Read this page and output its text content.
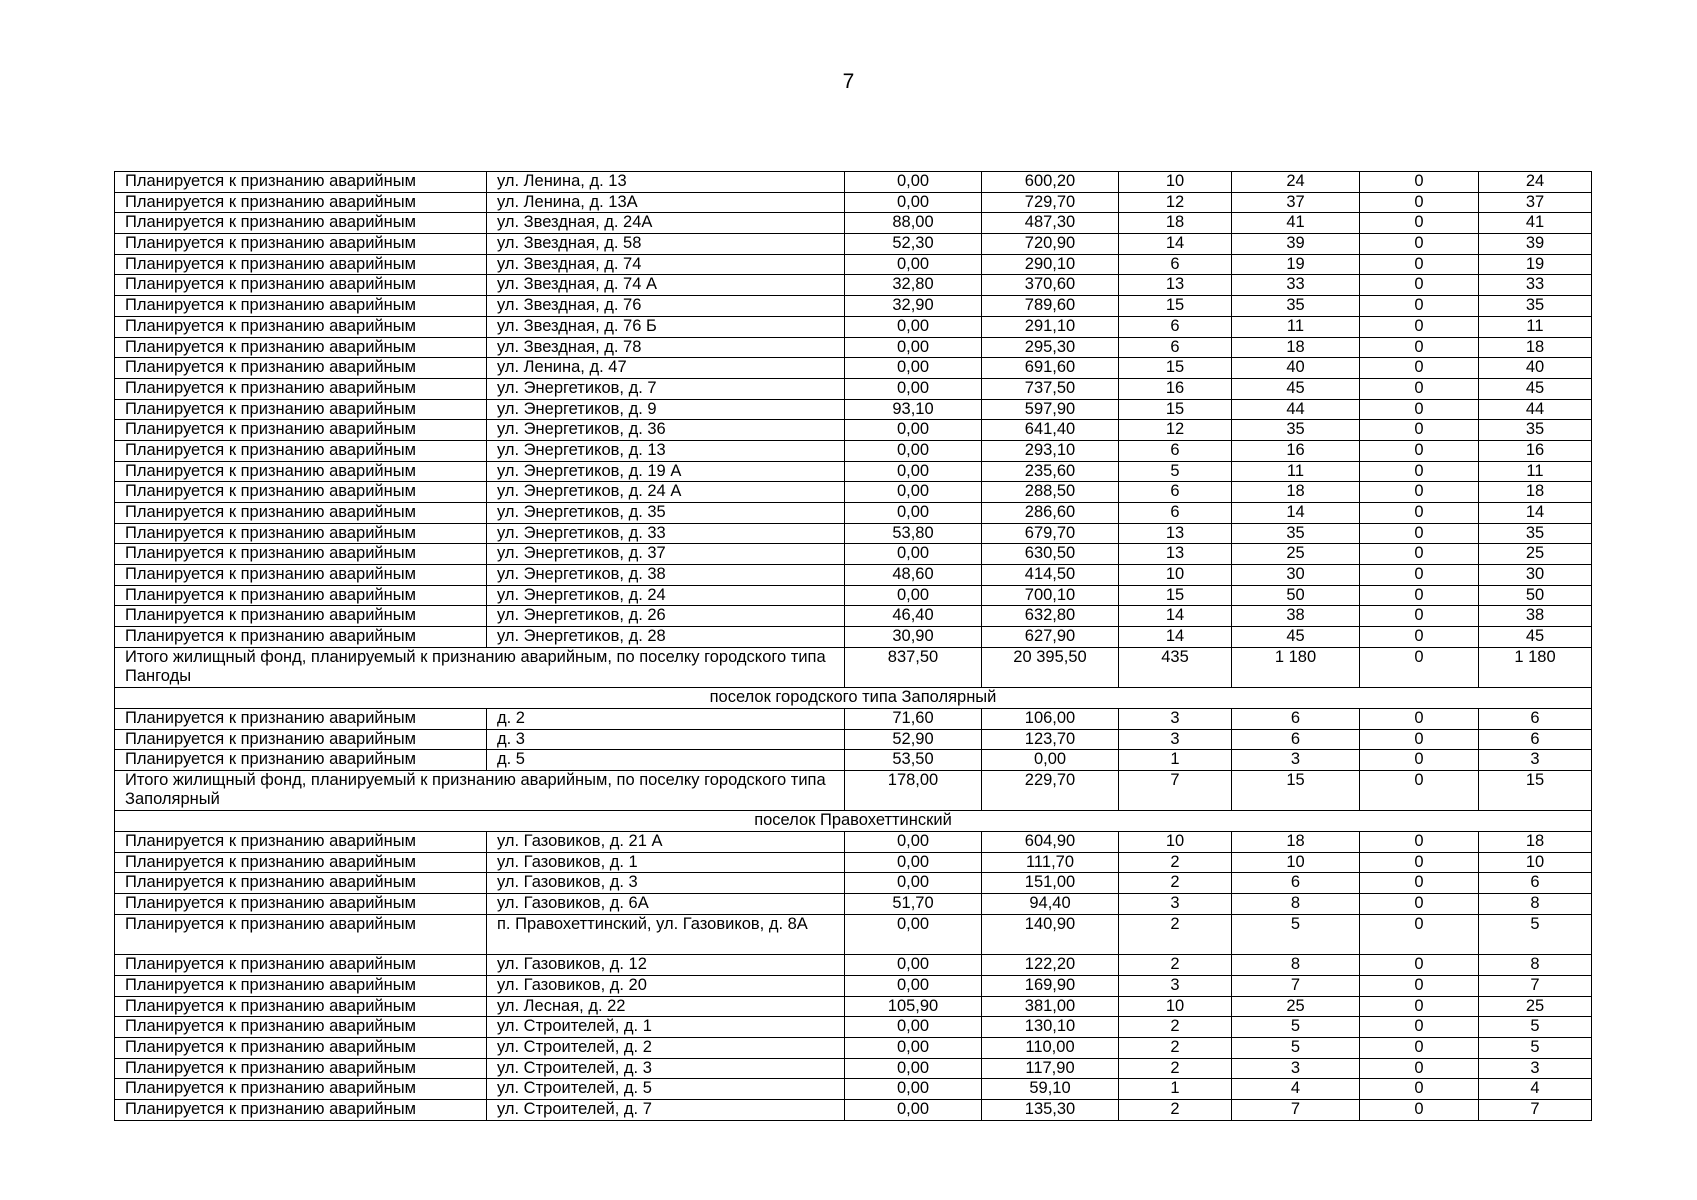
7
Планируется к признанию аварийным	ул. Ленина, д. 13	0,00	600,20	10	24	0	24
Планируется к признанию аварийным	ул. Ленина, д. 13А	0,00	729,70	12	37	0	37
Планируется к признанию аварийным	ул. Звездная, д. 24А	88,00	487,30	18	41	0	41
Планируется к признанию аварийным	ул. Звездная, д. 58	52,30	720,90	14	39	0	39
Планируется к признанию аварийным	ул. Звездная, д. 74	0,00	290,10	6	19	0	19
Планируется к признанию аварийным	ул. Звездная, д. 74 А	32,80	370,60	13	33	0	33
Планируется к признанию аварийным	ул. Звездная, д. 76	32,90	789,60	15	35	0	35
Планируется к признанию аварийным	ул. Звездная, д. 76 Б	0,00	291,10	6	11	0	11
Планируется к признанию аварийным	ул. Звездная, д. 78	0,00	295,30	6	18	0	18
Планируется к признанию аварийным	ул. Ленина, д. 47	0,00	691,60	15	40	0	40
Планируется к признанию аварийным	ул. Энергетиков, д. 7	0,00	737,50	16	45	0	45
Планируется к признанию аварийным	ул. Энергетиков, д. 9	93,10	597,90	15	44	0	44
Планируется к признанию аварийным	ул. Энергетиков, д. 36	0,00	641,40	12	35	0	35
Планируется к признанию аварийным	ул. Энергетиков, д. 13	0,00	293,10	6	16	0	16
Планируется к признанию аварийным	ул. Энергетиков, д. 19 А	0,00	235,60	5	11	0	11
Планируется к признанию аварийным	ул. Энергетиков, д. 24 А	0,00	288,50	6	18	0	18
Планируется к признанию аварийным	ул. Энергетиков, д. 35	0,00	286,60	6	14	0	14
Планируется к признанию аварийным	ул. Энергетиков, д. 33	53,80	679,70	13	35	0	35
Планируется к признанию аварийным	ул. Энергетиков, д. 37	0,00	630,50	13	25	0	25
Планируется к признанию аварийным	ул. Энергетиков, д. 38	48,60	414,50	10	30	0	30
Планируется к признанию аварийным	ул. Энергетиков, д. 24	0,00	700,10	15	50	0	50
Планируется к признанию аварийным	ул. Энергетиков, д. 26	46,40	632,80	14	38	0	38
Планируется к признанию аварийным	ул. Энергетиков, д. 28	30,90	627,90	14	45	0	45
Итого жилищный фонд, планируемый к признанию аварийным, по поселку городского типа Пангоды		837,50	20 395,50	435	1 180	0	1 180
поселок городского типа Заполярный							
Планируется к признанию аварийным	д. 2	71,60	106,00	3	6	0	6
Планируется к признанию аварийным	д. 3	52,90	123,70	3	6	0	6
Планируется к признанию аварийным	д. 5	53,50	0,00	1	3	0	3
Итого жилищный фонд, планируемый к признанию аварийным, по поселку городского типа Заполярный		178,00	229,70	7	15	0	15
поселок Правохеттинский							
Планируется к признанию аварийным	ул. Газовиков, д. 21 А	0,00	604,90	10	18	0	18
Планируется к признанию аварийным	ул. Газовиков, д. 1	0,00	111,70	2	10	0	10
Планируется к признанию аварийным	ул. Газовиков, д. 3	0,00	151,00	2	6	0	6
Планируется к признанию аварийным	ул. Газовиков, д. 6А	51,70	94,40	3	8	0	8
Планируется к признанию аварийным	п. Правохеттинский, ул. Газовиков, д. 8А	0,00	140,90	2	5	0	5
Планируется к признанию аварийным	ул. Газовиков, д. 12	0,00	122,20	2	8	0	8
Планируется к признанию аварийным	ул. Газовиков, д. 20	0,00	169,90	3	7	0	7
Планируется к признанию аварийным	ул. Лесная, д. 22	105,90	381,00	10	25	0	25
Планируется к признанию аварийным	ул. Строителей, д. 1	0,00	130,10	2	5	0	5
Планируется к признанию аварийным	ул. Строителей, д. 2	0,00	110,00	2	5	0	5
Планируется к признанию аварийным	ул. Строителей, д. 3	0,00	117,90	2	3	0	3
Планируется к признанию аварийным	ул. Строителей, д. 5	0,00	59,10	1	4	0	4
Планируется к признанию аварийным	ул. Строителей, д. 7	0,00	135,30	2	7	0	7
